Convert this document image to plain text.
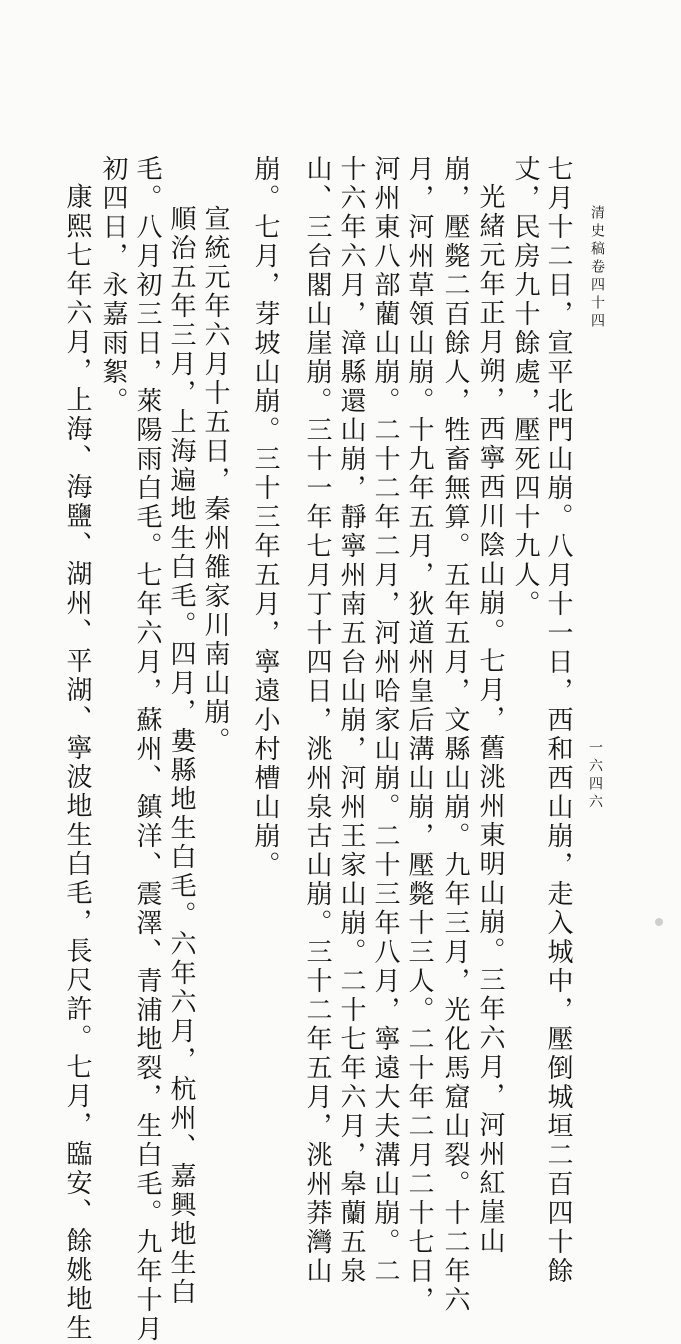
清史稿卷四十四
一六四六
七月十二日，宣平北門山崩。八月十一日，西和西山崩，走入城中，壓倒城垣二百四十餘
丈，民房九十餘處，壓死四十九人。
光緒元年正月朔，西寧西川陰山崩。七月，舊洮州東明山崩。三年六月，河州紅崖山
崩，壓斃二百餘人，牲畜無算。五年五月，文縣山崩。九年三月，光化馬窟山裂。十二年六
月，河州草領山崩。十九年五月，狄道州皇后溝山崩，壓斃十三人。二十年二月二十七日，
河州東八部藺山崩。二十二年二月，河州哈家山崩。二十三年八月，寧遠大夫溝山崩。二
十六年六月，漳縣還山崩，靜寧州南五台山崩，河州王家山崩。二十七年六月，皋蘭五泉
山、三台閣山崖崩。三十一年七月丁十四日，洮州泉古山崩。三十二年五月，洮州莽灣山
崩。七月，芽坡山崩。三十三年五月，寧遠小村槽山崩。
宣統元年六月十五日，秦州雒家川南山崩。
順治五年三月，上海遍地生白毛。四月，婁縣地生白毛。六年六月，杭州、嘉興地生白
毛。八月初三日，萊陽雨白毛。七年六月，蘇州、鎮洋、震澤、青浦地裂，生白毛。九年十月
初四日，永嘉雨絮。
康熙七年六月，上海、海鹽、湖州、平湖、寧波地生白毛，長尺許。七月，臨安、餘姚地生
